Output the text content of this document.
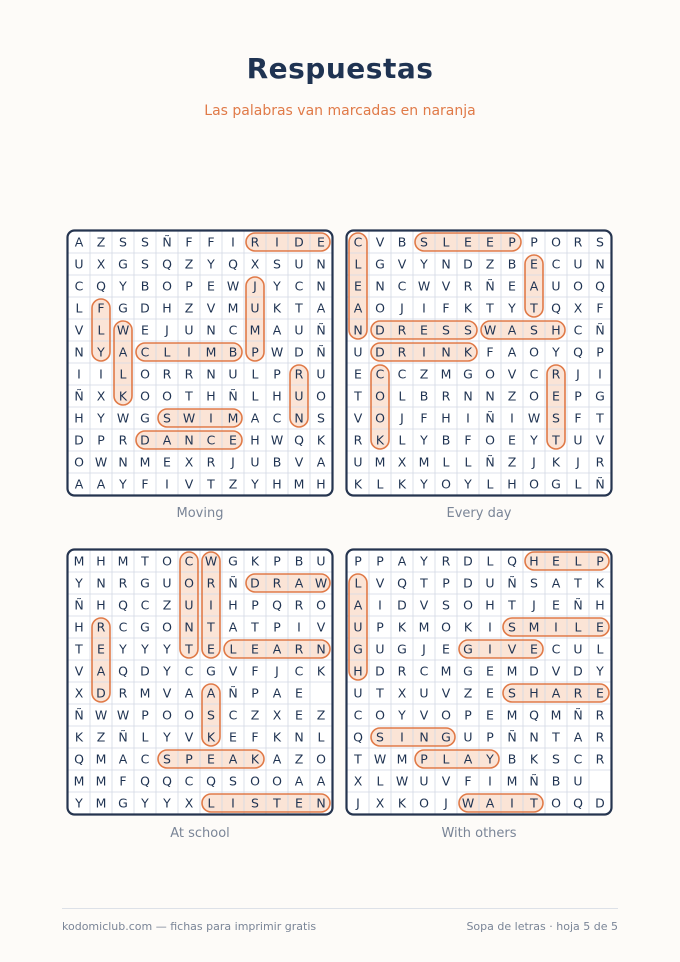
Respuestas
Las palabras van marcadas en naranja
A Z S S Ñ F F I R I D E
U X G S Q Z Y Q X S U N
C Q Y B O P E W J Y C N
L F G D H Z V M U K T A
V L W E J U N C M A U Ñ
N Y A C L I M B P W D Ñ
I I L O R R N U L P R U
Ñ X K O O T H Ñ L H U O
H Y W G S W I M A C N S
D P R D A N C E H W Q K
O W N M E X R J U B V A
A A Y F I V T Z Y H M H
Moving
C V B S L E E P P O R S
L G V Y N D Z B E C U N
E N C W V R Ñ E A U O Q
A O J I F K T Y T Q X F
N D R E S S W A S H C Ñ
U D R I N K F A O Y Q P
E C C Z M G O V C R J I
T O L B R N N Z O E P G
V O J F H I Ñ I W S F T
R K L Y B F O E Y T U V
U M X M L L Ñ Z J K J R
K L K Y O Y L H O G L Ñ
Every day
M H M T O C W G K P B U
Y N R G U O R Ñ D R A W
Ñ H Q C Z U I H P Q R O
H R C G O N T A T P I V
T E Y Y Y T E L E A R N
V A Q D Y C G V F J C K
X D R M V A A Ñ P A E
Ñ W W P O O S C Z X E Z
K Z Ñ L Y V K E F K N L
Q M A C S P E A K A Z O
M M F Q Q C Q S O O A A
Y M G Y Y X L I S T E N
At school
P P A Y R D L Q H E L P
L V Q T P D U Ñ S A T K
A I D V S O H T J E Ñ H
U P K M O K I S M I L E
G U G J E G I V E C U L
H D R C M G E M D V D Y
U T X U V Z E S H A R E
C O Y V O P E M Q M Ñ R
Q S I N G U P Ñ N T A R
T W M P L A Y B K S C R
X L W U V F I M Ñ B U
J X K O J W A I T O Q D
With others
kodomiclub.com — fichas para imprimir gratis	Sopa de letras · hoja 5 de 5
